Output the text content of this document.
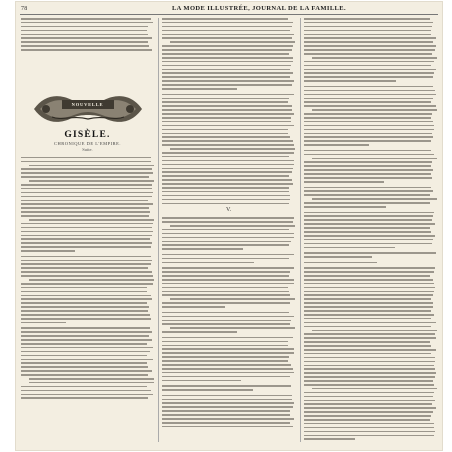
78	LA MODE ILLUSTRÉE, JOURNAL DE LA FAMILLE.
NOUVELLE
GISÈLE.
CHRONIQUE DE L'EMPIRE.
Suite.
V.
